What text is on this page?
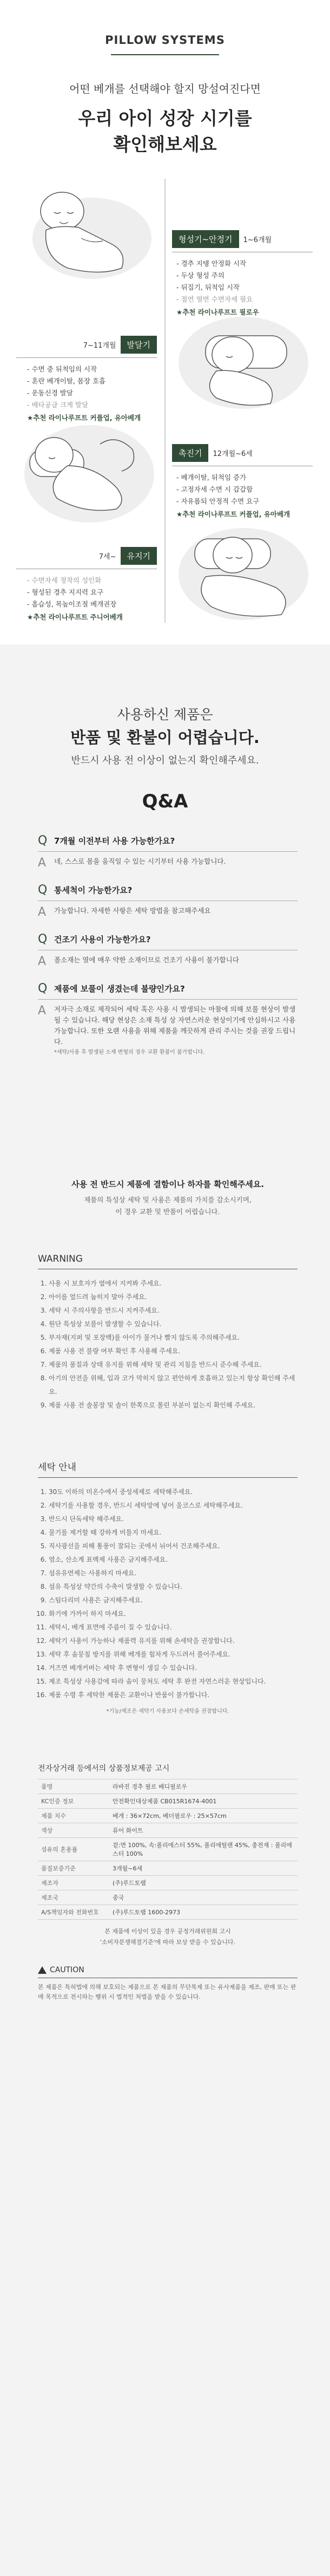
PILLOW SYSTEMS
어떤 베개를 선택해야 할지 망설여진다면
우리 아이 성장 시기를
확인해보세요
형성기~안정기	1~6개월
- 경추 지탱 안정화 시작
- 두상 형성 주의
- 뒤집기, 뒤척임 시작
- 점연 열면 수면자세 필요
★추천 라이나루프트 필로우
7~11개월	발달기
- 수면 중 뒤척임의 시작
- 혼란 베개이탈, 몸장 호흡
- 운동신경 발달
- 배타공급 크게 발달
★추천 라이나루프트 커플업, 유아베개
촉진기	12개월~6세
- 베개이탈, 뒤척임 증가
- 고정자세 수면 시 갑갑함
- 자유롭되 안정적 수면 요구
★추천 라이나루프트 커플업, 유아베개
7세~	유지기
- 수면자세 정착의 성인화
- 형성된 경추 지지력 요구
- 흠습성, 목높이조절 베개권장
★추천 라이나루프트 주니어베개
사용하신 제품은
반품 및 환불이 어렵습니다.
반드시 사용 전 이상이 없는지 확인해주세요.
Q&A
Q 7개월 이전부터 사용 가능한가요?
A	네, 스스로 몸을 움직일 수 있는 시기부터 사용 가능합니다.
Q 통세척이 가능한가요?
A	가능합니다. 자세한 사항은 세탁 방법을 참고해주세요
Q 건조기 사용이 가능한가요?
A	폴소재는 열에 매우 약한 소재이므로 건조기 사용이 불가합니다
Q 제품에 보풀이 생겼는데 불량인가요?
A	저자극 소재로 제작되어 세탁 혹은 사용 시 발생되는 마찰에 의해 보풀 현상이 발생될 수 있습니다. 해당 현상은 소재 특성 상 자연스러운 현상이기에 안심하시고 사용 가능합니다. 또한 오랜 사용을 위해 제품을 깨끗하게 관리 주시는 것을 권장 드립니다.
*세탁/사용 후 발생된 소재 변형의 경우 교환 환불이 불가합니다.
사용 전 반드시 제품에 결함이나 하자를 확인해주세요.
제품의 특성상 세탁 및 사용은 제품의 가치를 감소시키며,
이 경우 교환 및 반품이 어렵습니다.
WARNING
1. 사용 시 보호자가 옆에서 지켜봐 주세요.
2. 아이를 엎드려 눕히지 말아 주세요.
3. 세탁 시 주의사항을 반드시 지켜주세요.
4. 원단 특성상 보풀이 발생할 수 있습니다.
5. 부자재(지퍼 및 포장백)를 아이가 물거나 빨지 않도록 주의해주세요.
6. 제품 사용 전 불량 여부 확인 후 사용해 주세요.
7. 제품의 품질과 상태 유지를 위해 세탁 및 관리 지침을 반드시 준수해 주세요.
8. 아기의 안전을 위해, 입과 코가 막히지 않고 편안하게 호흡하고 있는지 항상 확인해 주세요.
9. 제품 사용 전 솔봉장 및 솔이 한쪽으로 몰린 부분이 없는지 확인해 주세요.
세탁 안내
1. 30도 이하의 미온수에서 중성세제로 세탁해주세요.
2. 세탁기를 사용할 경우, 반드시 세탁망에 넣어 울코스로 세탁해주세요.
3. 반드시 단독세탁 해주세요.
4. 물기를 제거할 때 강하게 비틀지 마세요.
5. 직사광선을 피해 통풍이 잘되는 곳에서 뉘어서 건조해주세요.
6. 염소, 산소계 표백제 사용은 금지해주세요.
7. 섬유유연제는 사용하지 마세요.
8. 섬유 특성상 약간의 수축이 발생할 수 있습니다.
9. 스팀다리미 사용은 금지해주세요.
10. 화기에 가까이 하지 마세요.
11. 세탁시, 베개 표면에 주름이 질 수 있습니다.
12. 세탁기 사용이 가능하나 제품력 유지를 위해 손세탁을 권장합니다.
13. 세탁 후 솜뭉침 방지를 위해 베개를 힘차게 두드려서 풀어주세요.
14. 거즈면 베개커버는 세탁 후 변형이 생길 수 있습니다.
15. 제조 특성상 사용감에 따라 솜이 뭉쳐도 세탁 후 완전 자연스러운 현상입니다.
16. 제품 수령 후 세탁한 제품은 교환이나 반품이 불가합니다.
*기능/제조은 세탁기 사용보다 손세탁을 권장합니다.
전자상거래 등에서의 상품정보제공 고시
품명	라바진 경추 필로 베디필로우
KC인증 정보	안전확인대상제품 CB015R1674-4001
제품 치수	베개 : 36×72cm, 베더필로우 : 25×57cm
색상	퓨어 화이트
섬유의 혼용률	겉:면 100%, 속:폴리에스터 55%, 폴리에틸렌 45%, 충전재 : 폴리에스터 100%
품질보증기준	3개월~6세
제조자	(주)루드토램
제조국	중국
A/S책임자와 전화번호	(주)루드토램 1600-2973
본 제품에 이상이 있을 경우 공정거래위원회 고시
'소비자분쟁해결기준'에 따라 보상 받을 수 있습니다.
CAUTION
본 제품은 특허법에 의해 보호되는 제품으로 본 제품의 무단복제 또는 유사제품을 제조, 판매 또는 판매 목적으로 전시하는 행위 시 법적인 처벌을 받을 수 있습니다.
